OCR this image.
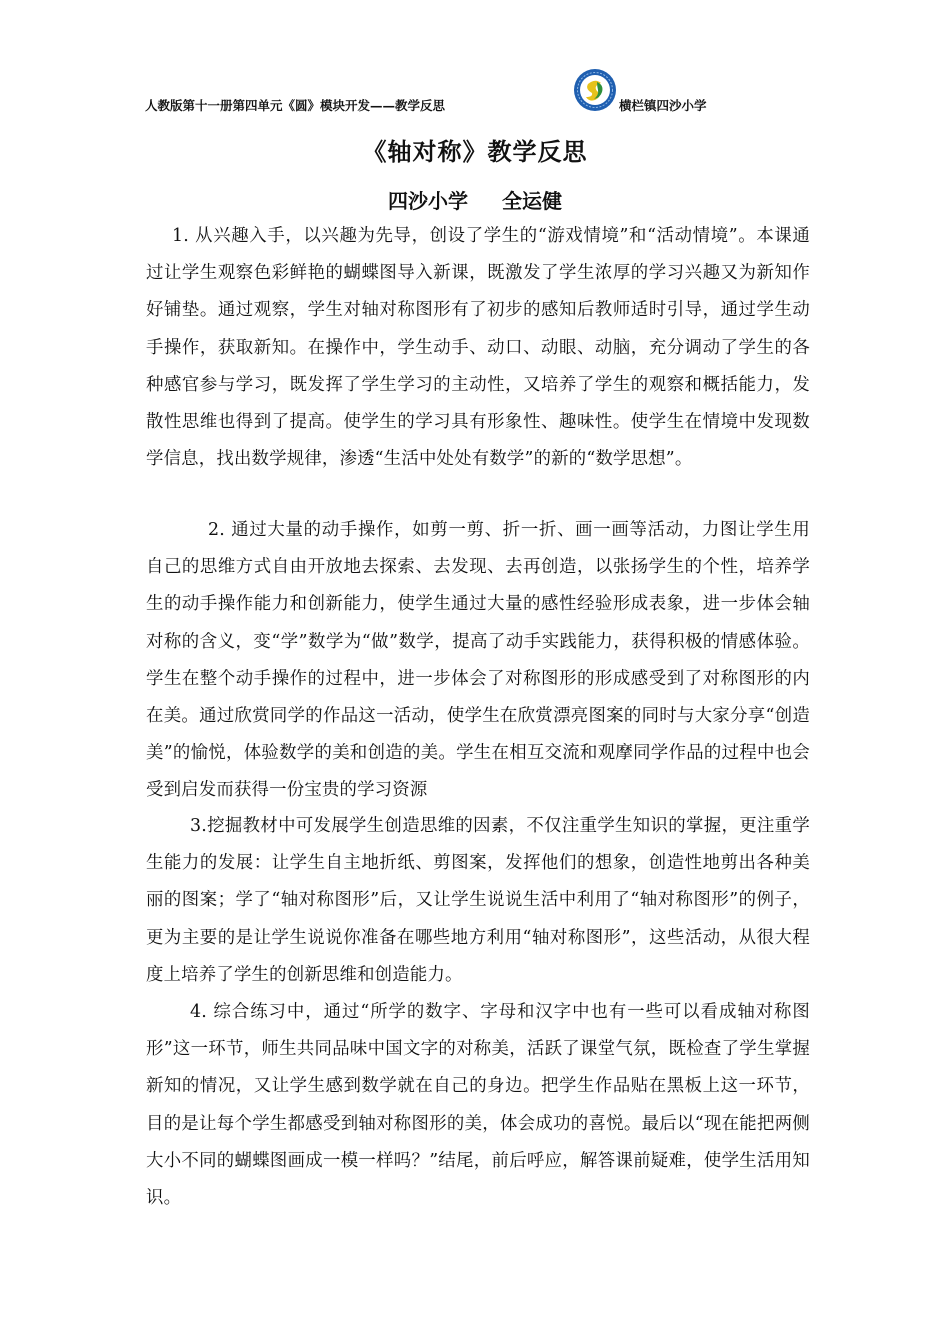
人教版第十一册第四单元《圆》模块开发——教学反思	横栏镇四沙小学
《轴对称》教学反思
四沙小学 全运健
1. 从兴趣入手，以兴趣为先导，创设了学生的“游戏情境”和“活动情境”。本课通过让学生观察色彩鲜艳的蝴蝶图导入新课，既激发了学生浓厚的学习兴趣又为新知作好铺垫。通过观察，学生对轴对称图形有了初步的感知后教师适时引导，通过学生动手操作，获取新知。在操作中，学生动手、动口、动眼、动脑，充分调动了学生的各种感官参与学习，既发挥了学生学习的主动性，又培养了学生的观察和概括能力，发散性思维也得到了提高。使学生的学习具有形象性、趣味性。使学生在情境中发现数学信息，找出数学规律，渗透“生活中处处有数学”的新的“数学思想”。
2. 通过大量的动手操作，如剪一剪、折一折、画一画等活动，力图让学生用自己的思维方式自由开放地去探索、去发现、去再创造，以张扬学生的个性，培养学生的动手操作能力和创新能力，使学生通过大量的感性经验形成表象，进一步体会轴对称的含义，变“学”数学为“做”数学，提高了动手实践能力，获得积极的情感体验。学生在整个动手操作的过程中，进一步体会了对称图形的形成感受到了对称图形的内在美。通过欣赏同学的作品这一活动，使学生在欣赏漂亮图案的同时与大家分享“创造美”的愉悦，体验数学的美和创造的美。学生在相互交流和观摩同学作品的过程中也会受到启发而获得一份宝贵的学习资源
3.挖掘教材中可发展学生创造思维的因素，不仅注重学生知识的掌握，更注重学生能力的发展：让学生自主地折纸、剪图案，发挥他们的想象，创造性地剪出各种美丽的图案；学了“轴对称图形”后，又让学生说说生活中利用了“轴对称图形”的例子，更为主要的是让学生说说你准备在哪些地方利用“轴对称图形”，这些活动，从很大程度上培养了学生的创新思维和创造能力。
4. 综合练习中，通过“所学的数字、字母和汉字中也有一些可以看成轴对称图形”这一环节，师生共同品味中国文字的对称美，活跃了课堂气氛，既检查了学生掌握新知的情况，又让学生感到数学就在自己的身边。把学生作品贴在黑板上这一环节，目的是让每个学生都感受到轴对称图形的美，体会成功的喜悦。最后以“现在能把两侧大小不同的蝴蝶图画成一模一样吗？”结尾，前后呼应，解答课前疑难，使学生活用知识。
